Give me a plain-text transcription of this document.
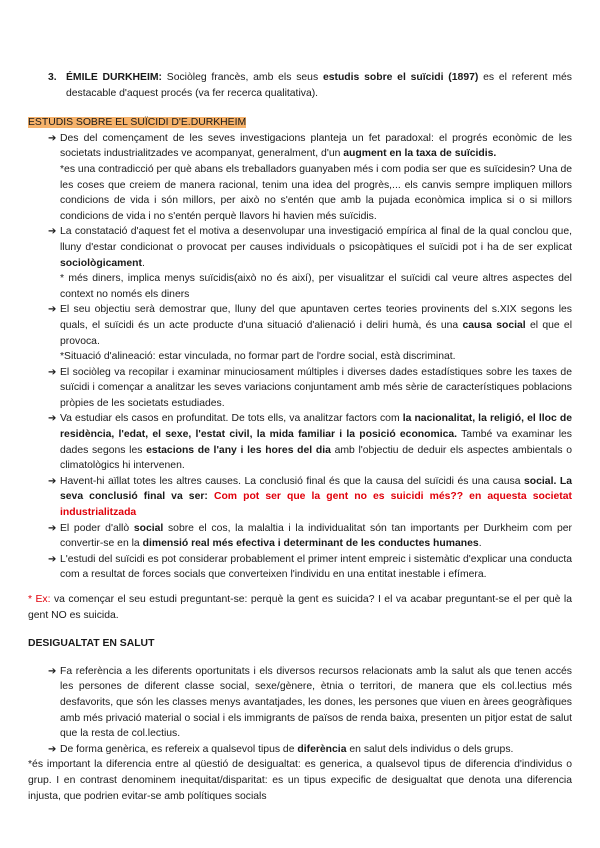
3. ÉMILE DURKHEIM: Sociòleg francès, amb els seus estudis sobre el suïcidi (1897) es el referent més destacable d'aquest procés (va fer recerca qualitativa).
ESTUDIS SOBRE EL SUÏCIDI D'E.DURKHEIM
➔ Des del començament de les seves investigacions planteja un fet paradoxal: el progrés econòmic de les societats industrialitzades ve acompanyat, generalment, d'un augment en la taxa de suïcidis.
*es una contradicció per què abans els treballadors guanyaben més i com podia ser que es suïcidesin? Una de les coses que creiem de manera racional, tenim una idea del progrès,... els canvis sempre impliquen millors condicions de vida i són millors, per això no s'entén que amb la pujada econòmica implica si o si millors condicions de vida i no s'entén perquè llavors hi havien més suïcidis.
➔ La constatació d'aquest fet el motiva a desenvolupar una investigació empírica al final de la qual conclou que, lluny d'estar condicionat o provocat per causes individuals o psicopàtiques el suïcidi pot i ha de ser explicat sociològicament.
* més diners, implica menys suïcidis(això no és així), per visualitzar el suïcidi cal veure altres aspectes del context no només els diners
➔ El seu objectiu serà demostrar que, lluny del que apuntaven certes teories provinents del s.XIX segons les quals, el suïcidi és un acte producte d'una situació d'alienació i deliri humà, és una causa social el que el provoca.
*Situació d'alineació: estar vinculada, no formar part de l'ordre social, està discriminat.
➔ El sociòleg va recopilar i examinar minuciosament múltiples i diverses dades estadístiques sobre les taxes de suïcidi i començar a analitzar les seves variacions conjuntament amb més sèrie de característiques poblacions pròpies de les societats estudiades.
➔ Va estudiar els casos en profunditat. De tots ells, va analitzar factors com la nacionalitat, la religió, el lloc de residència, l'edat, el sexe, l'estat civil, la mida familiar i la posició economica. També va examinar les dades segons les estacions de l'any i les hores del dia amb l'objectiu de deduir els aspectes ambientals o climatològics hi intervenen.
➔ Havent-hi aïllat totes les altres causes. La conclusió final és que la causa del suïcidi és una causa social. La seva conclusió final va ser: Com pot ser que la gent no es suicidi més?? en aquesta societat industrialitzada
➔ El poder d'allò social sobre el cos, la malaltia i la individualitat són tan importants per Durkheim com per convertir-se en la dimensió real més efectiva i determinant de les conductes humanes.
➔ L'estudi del suïcidi es pot considerar probablement el primer intent empreic i sistemàtic d'explicar una conducta com a resultat de forces socials que converteixen l'individu en una entitat inestable i efímera.
* Ex: va començar el seu estudi preguntant-se: perquè la gent es suicida? I el va acabar preguntant-se el per què la gent NO es suicida.
DESIGUALTAT EN SALUT
➔ Fa referència a les diferents oportunitats i els diversos recursos relacionats amb la salut als que tenen accés les persones de diferent classe social, sexe/gènere, ètnia o territori, de manera que els col.lectius més desfavorits, que són les classes menys avantatjades, les dones, les persones que viuen en àrees geogràfiques amb més privació material o social i els immigrants de països de renda baixa, presenten un pitjor estat de salut que la resta de col.lectius.
➔ De forma genèrica, es refereix a qualsevol tipus de diferència en salut dels individus o dels grups.
*és important la diferencia entre al qüestió de desigualtat: es generica, a qualsevol tipus de diferencia d'individus o grup. I en contrast denominem inequitat/disparitat: es un tipus expecific de desigualtat que denota una diferencia injusta, que podrien evitar-se amb polítiques socials
